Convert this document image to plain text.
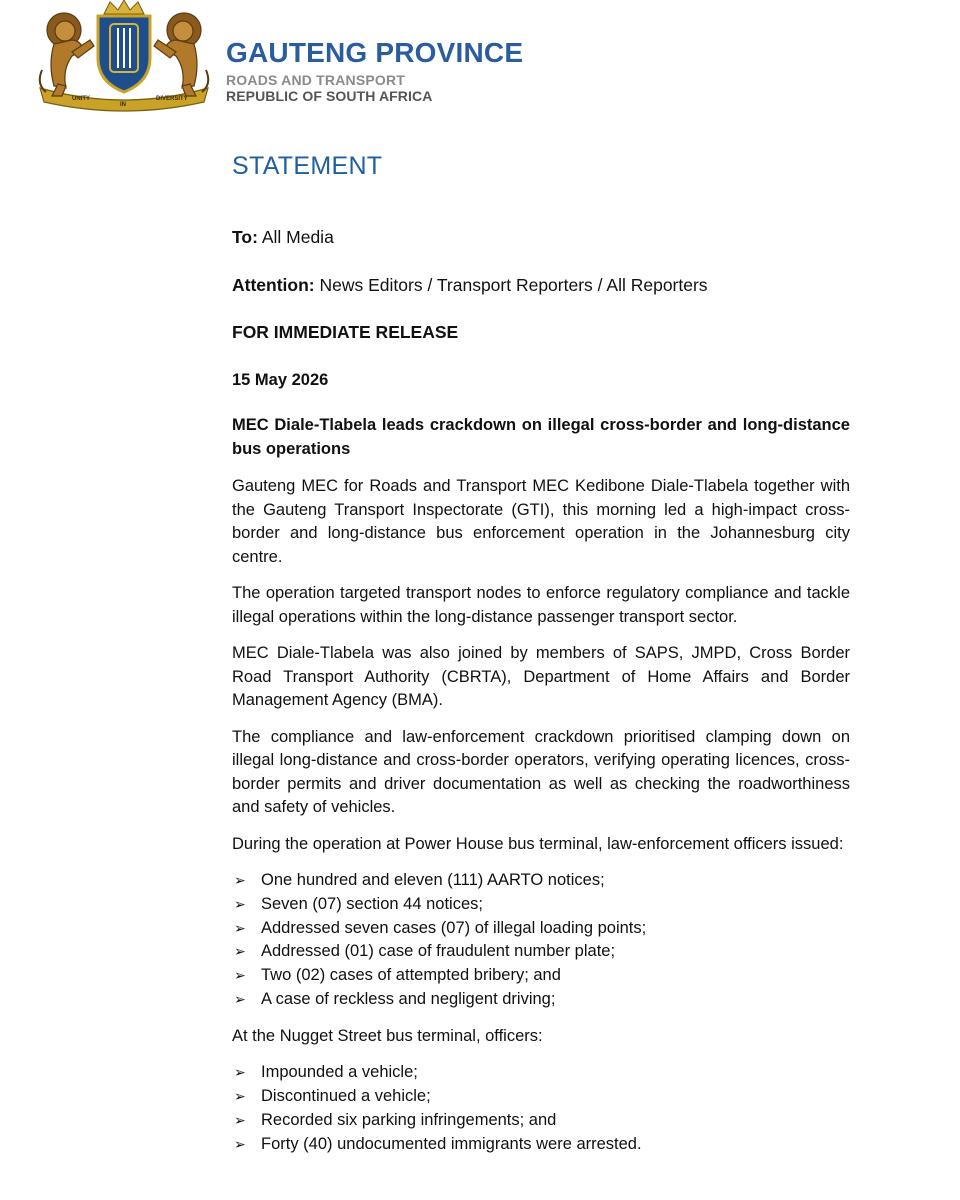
UNITY
IN
DIVERSITY
GAUTENG PROVINCE
ROADS AND TRANSPORT
REPUBLIC OF SOUTH AFRICA
STATEMENT

To: All Media

Attention: News Editors / Transport Reporters / All Reporters

FOR IMMEDIATE RELEASE

15 May 2026

MEC Diale-Tlabela leads crackdown on illegal cross-border and long-distance bus operations

Gauteng MEC for Roads and Transport MEC Kedibone Diale-Tlabela together with the Gauteng Transport Inspectorate (GTI), this morning led a high-impact cross-border and long-distance bus enforcement operation in the Johannesburg city centre.

The operation targeted transport nodes to enforce regulatory compliance and tackle illegal operations within the long-distance passenger transport sector.

MEC Diale-Tlabela was also joined by members of SAPS, JMPD, Cross Border Road Transport Authority (CBRTA), Department of Home Affairs and Border Management Agency (BMA).

The compliance and law-enforcement crackdown prioritised clamping down on illegal long-distance and cross-border operators, verifying operating licences, cross-border permits and driver documentation as well as checking the roadworthiness and safety of vehicles.

During the operation at Power House bus terminal, law-enforcement officers issued:

➢ One hundred and eleven (111) AARTO notices;
➢ Seven (07) section 44 notices;
➢ Addressed seven cases (07) of illegal loading points;
➢ Addressed (01) case of fraudulent number plate;
➢ Two (02) cases of attempted bribery; and
➢ A case of reckless and negligent driving;

At the Nugget Street bus terminal, officers:

➢ Impounded a vehicle;
➢ Discontinued a vehicle;
➢ Recorded six parking infringements; and
➢ Forty (40) undocumented immigrants were arrested.
